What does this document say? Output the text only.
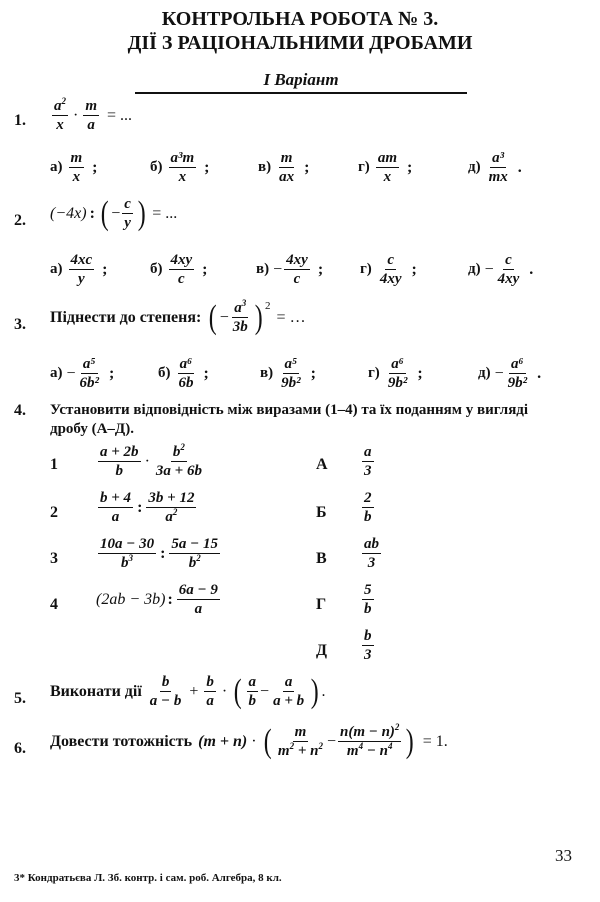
КОНТРОЛЬНА РОБОТА № 3.
ДІЇ З РАЦІОНАЛЬНИМИ ДРОБАМИ
І Варіант
1. $\frac{a^2}{x} \cdot \frac{m}{a}$ = ...
$а) \frac{m}{x}$ ;	$б) \frac{\text{a³m}}{x}$ ;	$в) \frac{m}{ax}$ ;	$г) \frac{am}{x}$ ;	$д) \frac{\text{a³}}{mx}$ .
2. (−4x) : ( − $\frac{c}{y}$ ) = ...
$а) \frac{4xc}{y}$ ;	$б) \frac{4xy}{c}$ ;	$в) - \frac{4xy}{c}$ ; $г) \frac{c}{4xy}$ ;	$д) - \frac{c}{4xy}$ .
3. Піднести до степеня: ( − $\frac{a^3}{3b} )^2$
= …
$а) - \frac{\text{a⁵}}{\text{6b²}}$ ;	$б) \frac{\text{a⁶}}{6b}$ ;	$в) \frac{\text{a⁵}}{\text{9b²}}$ ;	$г) \frac{\text{a⁶}}{\text{9b²}}$ ;	$д) - \frac{\text{a⁶}}{\text{9b²}}$ .
4. Установити відповідність між виразами (1–4) та їх поданням у вигляді
дробу (А–Д).
1	$\frac{a + 2b}{b} \cdot \frac{b^2}{3a + 6b}$
2	$\frac{b + 4}{a}$ : $\frac{3b + 12}{a^2}$
3	$\frac{10a - 30}{b^3}$ : $\frac{5a - 15}{b^2}$
4 (2ab − 3b) : $\frac{6a - 9}{a}$
А $\frac{a}{3}$
Б $\frac{2}{b}$
В $\frac{ab}{3}$
Г $\frac{5}{b}$
Д $\frac{b}{3}$
5. Виконати дії $\frac{b}{a - b} + \frac{b}{a}$ · ( $\frac{a}{b} - \frac{a}{a + b}$ ) .
6. Довести тотожність (m + n) · ( $\frac{m}{m^2 + n^2} - \frac{n(m - n)^2}{m^4 - n^4}$ ) = 1.
33
3* Кондратьєва Л. Зб. контр. і сам. роб. Алгебра, 8 кл.
